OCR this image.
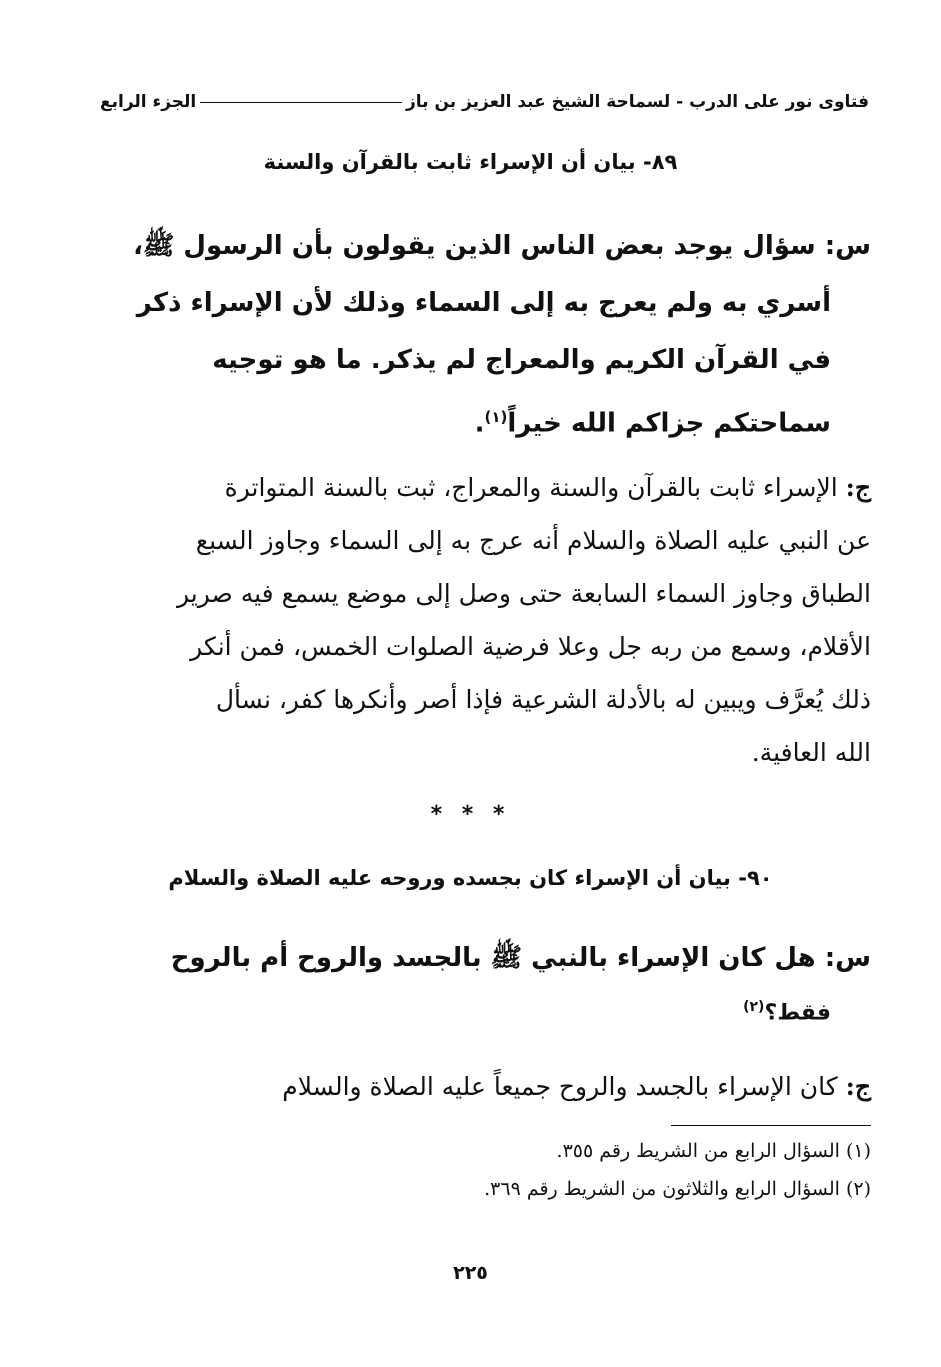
فتاوى نور على الدرب - لسماحة الشيخ عبد العزيز بن باز
الجزء الرابع
٨٩- بيان أن الإسراء ثابت بالقرآن والسنة
س: سؤال يوجد بعض الناس الذين يقولون بأن الرسول ﷺ،
أسري به ولم يعرج به إلى السماء وذلك لأن الإسراء ذكر
في القرآن الكريم والمعراج لم يذكر. ما هو توجيه
سماحتكم جزاكم الله خيراً$^{(١)}$.
ج: الإسراء ثابت بالقرآن والسنة والمعراج، ثبت بالسنة المتواترة
عن النبي عليه الصلاة والسلام أنه عرج به إلى السماء وجاوز السبع
الطباق وجاوز السماء السابعة حتى وصل إلى موضع يسمع فيه صرير
الأقلام، وسمع من ربه جل وعلا فرضية الصلوات الخمس، فمن أنكر
ذلك يُعرَّف ويبين له بالأدلة الشرعية فإذا أصر وأنكرها كفر، نسأل
الله العافية.
* * *
٩٠- بيان أن الإسراء كان بجسده وروحه عليه الصلاة والسلام
س: هل كان الإسراء بالنبي ﷺ بالجسد والروح أم بالروح
فقط؟$^{(٢)}$
ج: كان الإسراء بالجسد والروح جميعاً عليه الصلاة والسلام
(١) السؤال الرابع من الشريط رقم ٣٥٥.
(٢) السؤال الرابع والثلاثون من الشريط رقم ٣٦٩.
٢٢٥
